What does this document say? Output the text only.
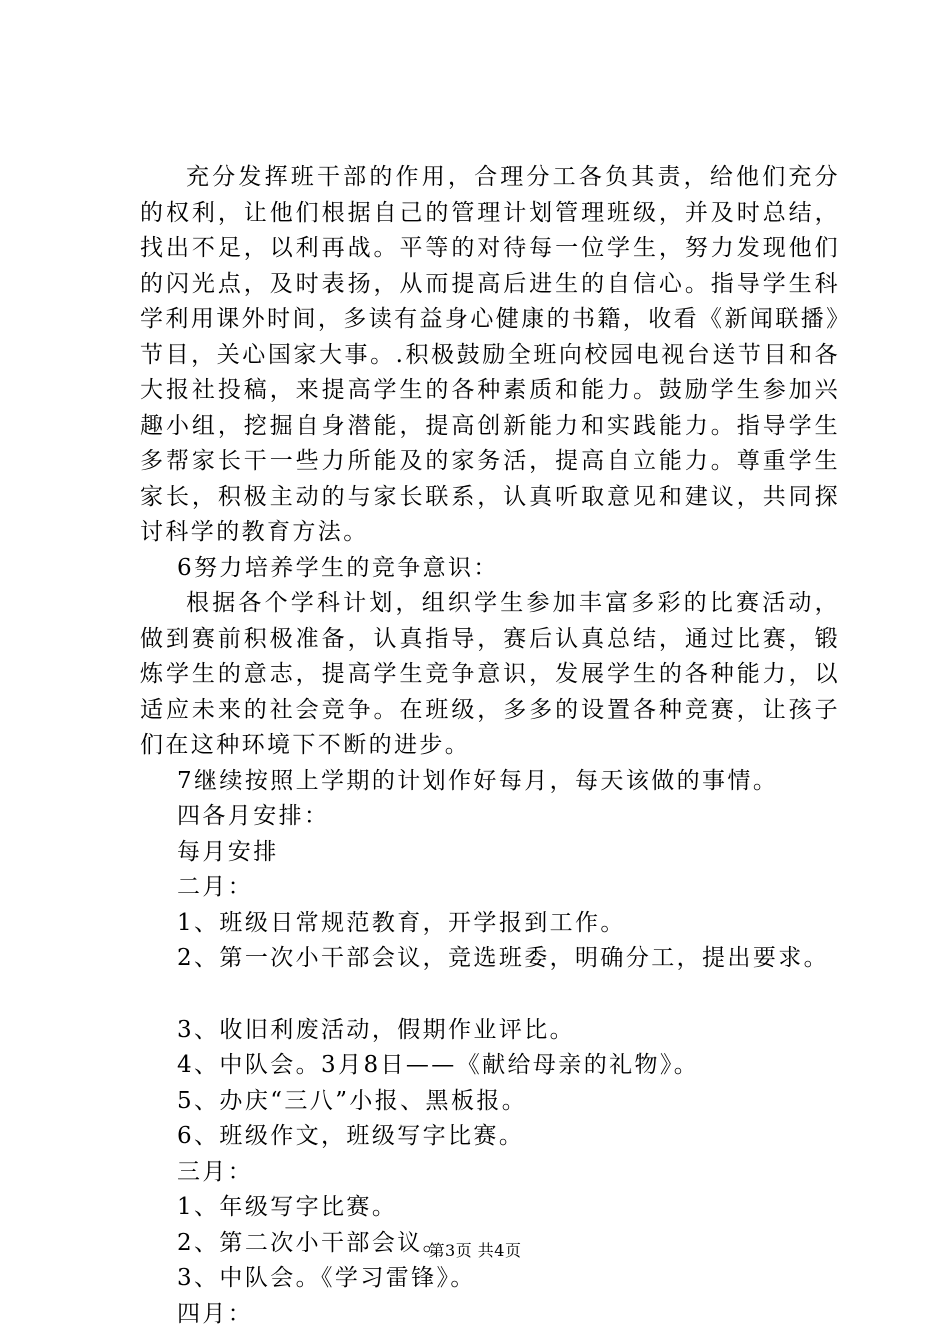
充分发挥班干部的作用，合理分工各负其责，给他们充分的权利，让他们根据自己的管理计划管理班级，并及时总结，找出不足，以利再战。平等的对待每一位学生，努力发现他们的闪光点，及时表扬，从而提高后进生的自信心。指导学生科学利用课外时间，多读有益身心健康的书籍，收看《新闻联播》节目，关心国家大事。.积极鼓励全班向校园电视台送节目和各大报社投稿，来提高学生的各种素质和能力。鼓励学生参加兴趣小组，挖掘自身潜能，提高创新能力和实践能力。指导学生多帮家长干一些力所能及的家务活，提高自立能力。尊重学生家长，积极主动的与家长联系，认真听取意见和建议，共同探讨科学的教育方法。

6努力培养学生的竞争意识：

根据各个学科计划，组织学生参加丰富多彩的比赛活动，做到赛前积极准备，认真指导，赛后认真总结，通过比赛，锻炼学生的意志，提高学生竞争意识，发展学生的各种能力，以适应未来的社会竞争。在班级，多多的设置各种竞赛，让孩子们在这种环境下不断的进步。

7继续按照上学期的计划作好每月，每天该做的事情。

四各月安排：

每月安排

二月：

1、班级日常规范教育，开学报到工作。

2、第一次小干部会议，竞选班委，明确分工，提出要求。

3、收旧利废活动，假期作业评比。

4、中队会。3月8日——《献给母亲的礼物》。

5、办庆“三八”小报、黑板报。

6、班级作文，班级写字比赛。

三月：

1、年级写字比赛。

2、第二次小干部会议。

3、中队会。《学习雷锋》。

四月：

第3页 共4页
